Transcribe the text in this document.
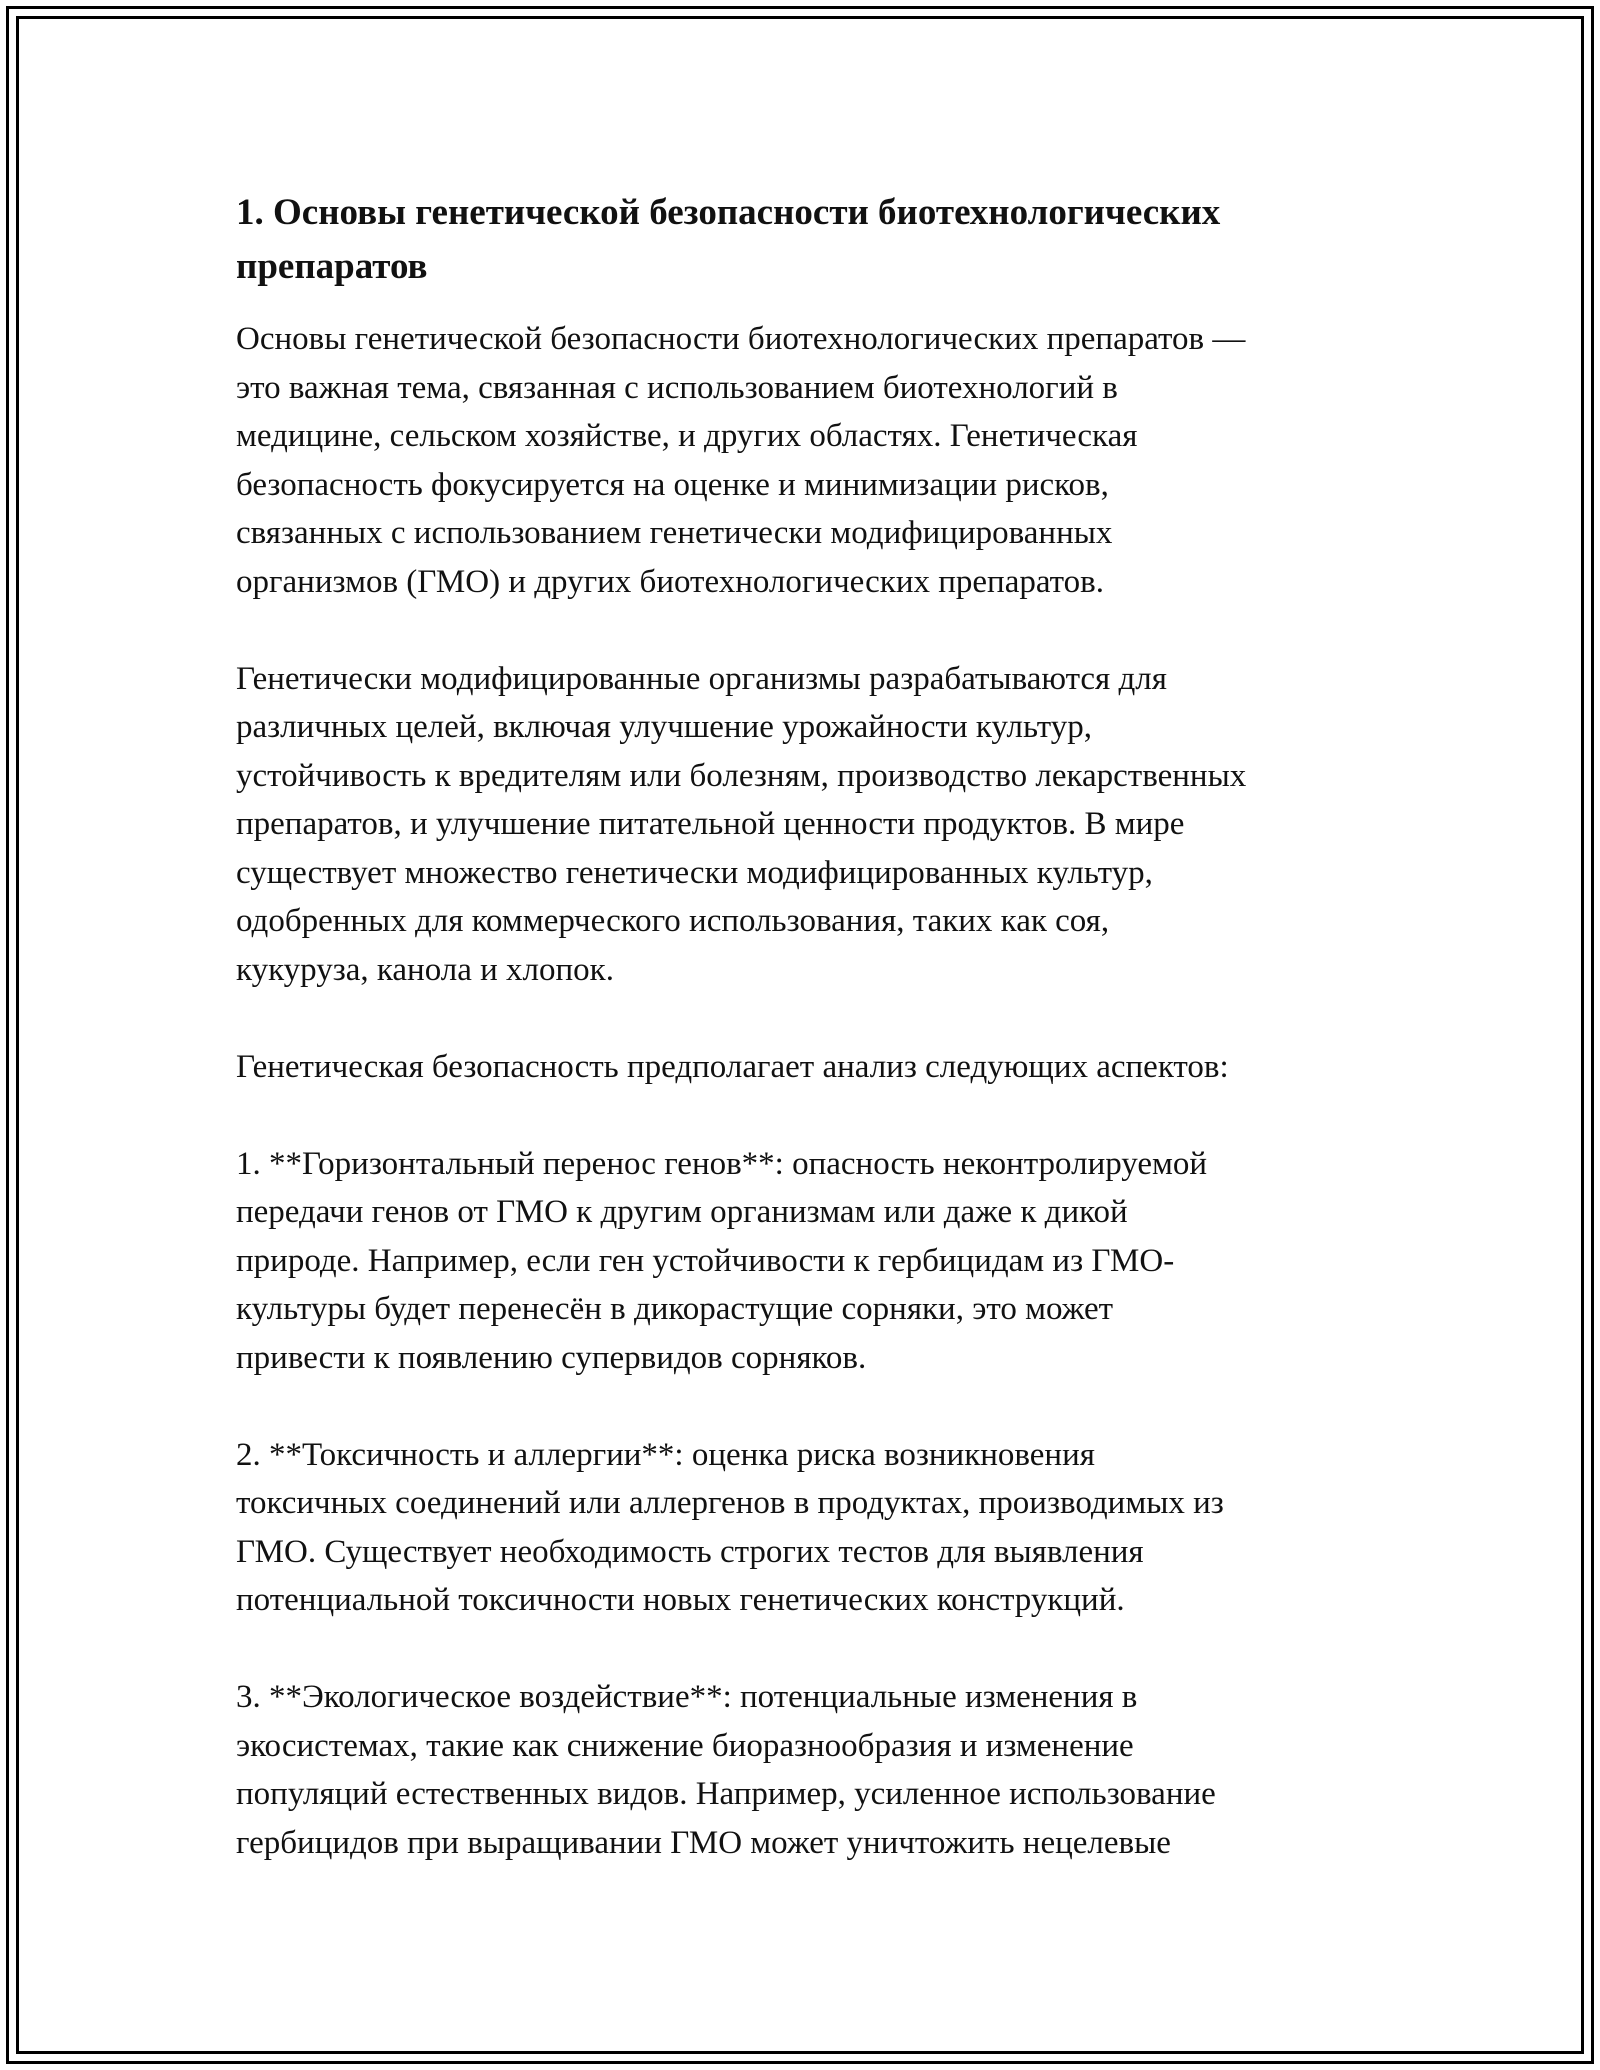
1. Основы генетической безопасности биотехнологических
препаратов

Основы генетической безопасности биотехнологических препаратов —
это важная тема, связанная с использованием биотехнологий в
медицине, сельском хозяйстве, и других областях. Генетическая
безопасность фокусируется на оценке и минимизации рисков,
связанных с использованием генетически модифицированных
организмов (ГМО) и других биотехнологических препаратов.

Генетически модифицированные организмы разрабатываются для
различных целей, включая улучшение урожайности культур,
устойчивость к вредителям или болезням, производство лекарственных
препаратов, и улучшение питательной ценности продуктов. В мире
существует множество генетически модифицированных культур,
одобренных для коммерческого использования, таких как соя,
кукуруза, канола и хлопок.

Генетическая безопасность предполагает анализ следующих аспектов:

1. **Горизонтальный перенос генов**: опасность неконтролируемой
передачи генов от ГМО к другим организмам или даже к дикой
природе. Например, если ген устойчивости к гербицидам из ГМО-
культуры будет перенесён в дикорастущие сорняки, это может
привести к появлению супервидов сорняков.

2. **Токсичность и аллергии**: оценка риска возникновения
токсичных соединений или аллергенов в продуктах, производимых из
ГМО. Существует необходимость строгих тестов для выявления
потенциальной токсичности новых генетических конструкций.

3. **Экологическое воздействие**: потенциальные изменения в
экосистемах, такие как снижение биоразнообразия и изменение
популяций естественных видов. Например, усиленное использование
гербицидов при выращивании ГМО может уничтожить нецелевые
